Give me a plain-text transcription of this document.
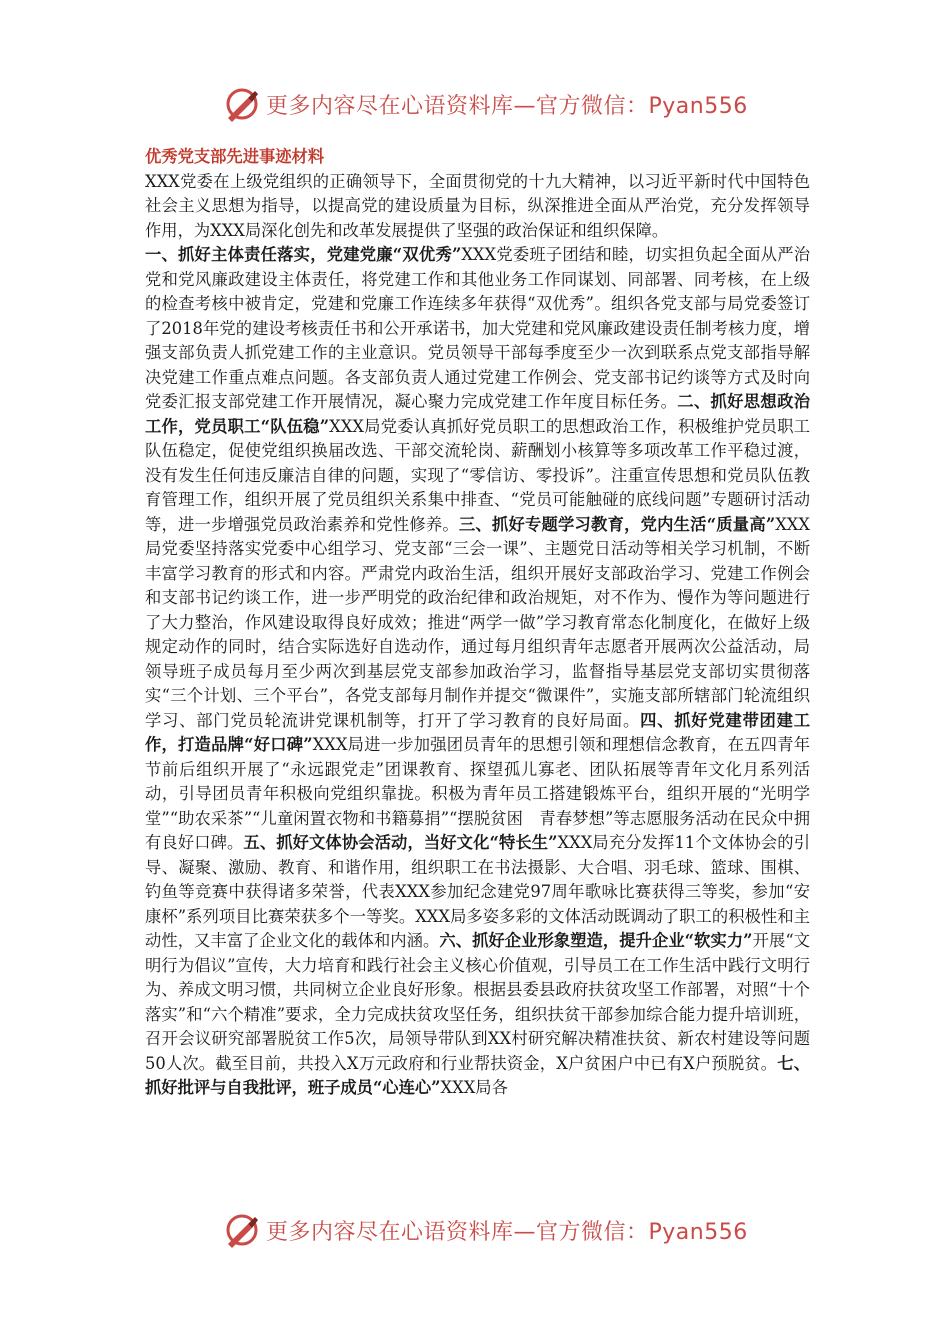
更多内容尽在心语资料库—官方微信：Pyan556

优秀党支部先进事迹材料
XXX党委在上级党组织的正确领导下，全面贯彻党的十九大精神，以习近平新时代中国特色社会主义思想为指导，以提高党的建设质量为目标，纵深推进全面从严治党，充分发挥领导作用，为XXX局深化创先和改革发展提供了坚强的政治保证和组织保障。
一、抓好主体责任落实，党建党廉“双优秀”XXX党委班子团结和睦，切实担负起全面从严治党和党风廉政建设主体责任，将党建工作和其他业务工作同谋划、同部署、同考核，在上级的检查考核中被肯定，党建和党廉工作连续多年获得“双优秀”。组织各党支部与局党委签订了2018年党的建设考核责任书和公开承诺书，加大党建和党风廉政建设责任制考核力度，增强支部负责人抓党建工作的主业意识。党员领导干部每季度至少一次到联系点党支部指导解决党建工作重点难点问题。各支部负责人通过党建工作例会、党支部书记约谈等方式及时向党委汇报支部党建工作开展情况，凝心聚力完成党建工作年度目标任务。二、抓好思想政治工作，党员职工“队伍稳”XXX局党委认真抓好党员职工的思想政治工作，积极维护党员职工队伍稳定，促使党组织换届改选、干部交流轮岗、薪酬划小核算等多项改革工作平稳过渡，没有发生任何违反廉洁自律的问题，实现了“零信访、零投诉”。注重宣传思想和党员队伍教育管理工作，组织开展了党员组织关系集中排查、“党员可能触碰的底线问题”专题研讨活动等，进一步增强党员政治素养和党性修养。三、抓好专题学习教育，党内生活“质量高”XXX局党委坚持落实党委中心组学习、党支部“三会一课”、主题党日活动等相关学习机制，不断丰富学习教育的形式和内容。严肃党内政治生活，组织开展好支部政治学习、党建工作例会和支部书记约谈工作，进一步严明党的政治纪律和政治规矩，对不作为、慢作为等问题进行了大力整治，作风建设取得良好成效；推进“两学一做”学习教育常态化制度化，在做好上级规定动作的同时，结合实际选好自选动作，通过每月组织青年志愿者开展两次公益活动，局领导班子成员每月至少两次到基层党支部参加政治学习，监督指导基层党支部切实贯彻落实“三个计划、三个平台”，各党支部每月制作并提交“微课件”，实施支部所辖部门轮流组织学习、部门党员轮流讲党课机制等，打开了学习教育的良好局面。四、抓好党建带团建工作，打造品牌“好口碑”XXX局进一步加强团员青年的思想引领和理想信念教育，在五四青年节前后组织开展了“永远跟党走”团课教育、探望孤儿寡老、团队拓展等青年文化月系列活动，引导团员青年积极向党组织靠拢。积极为青年员工搭建锻炼平台，组织开展的“光明学堂”“助农采茶”“儿童闲置衣物和书籍募捐”“摆脱贫困　青春梦想”等志愿服务活动在民众中拥有良好口碑。五、抓好文体协会活动，当好文化“特长生”XXX局充分发挥11个文体协会的引导、凝聚、激励、教育、和谐作用，组织职工在书法摄影、大合唱、羽毛球、篮球、围棋、钓鱼等竞赛中获得诸多荣誉，代表XXX参加纪念建党97周年歌咏比赛获得三等奖，参加“安康杯”系列项目比赛荣获多个一等奖。XXX局多姿多彩的文体活动既调动了职工的积极性和主动性，又丰富了企业文化的载体和内涵。六、抓好企业形象塑造，提升企业“软实力”开展“文明行为倡议”宣传，大力培育和践行社会主义核心价值观，引导员工在工作生活中践行文明行为、养成文明习惯，共同树立企业良好形象。根据县委县政府扶贫攻坚工作部署，对照“十个落实”和“六个精准”要求，全力完成扶贫攻坚任务，组织扶贫干部参加综合能力提升培训班，召开会议研究部署脱贫工作5次，局领导带队到XX村研究解决精准扶贫、新农村建设等问题50人次。截至目前，共投入X万元政府和行业帮扶资金，X户贫困户中已有X户预脱贫。七、抓好批评与自我批评，班子成员“心连心”XXX局各

更多内容尽在心语资料库—官方微信：Pyan556
